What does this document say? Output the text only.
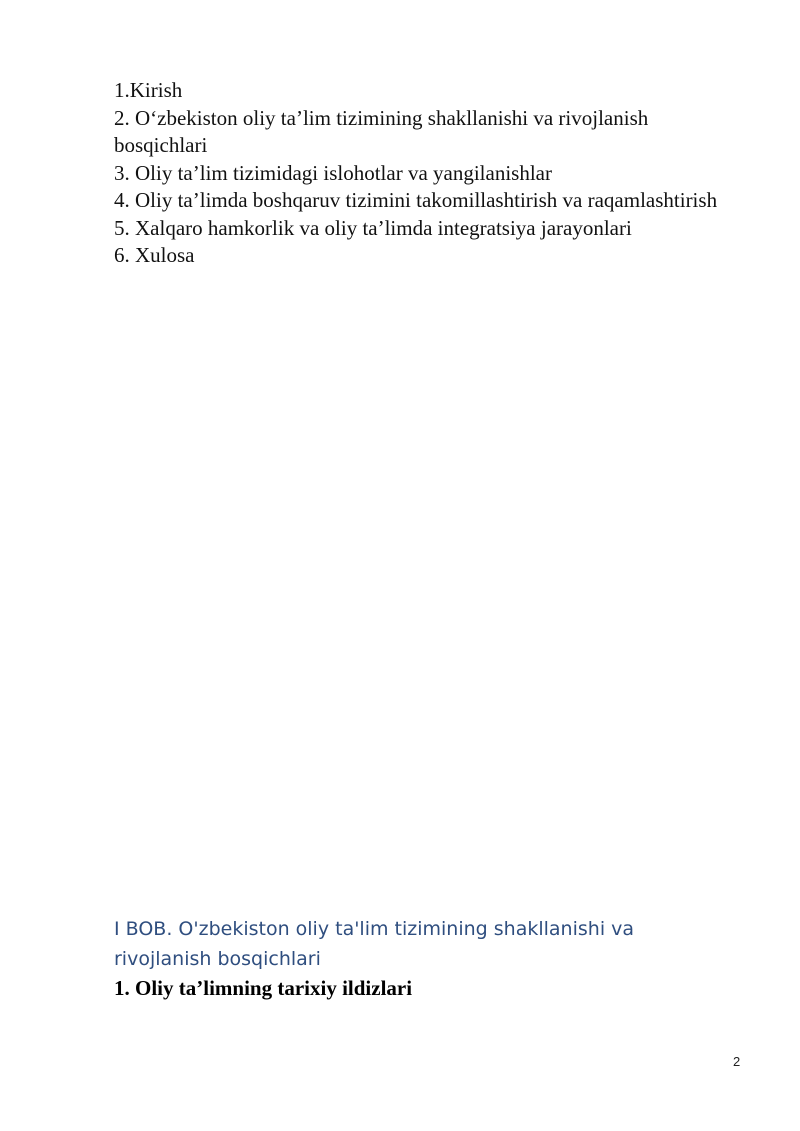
1.Kirish
2. O‘zbekiston oliy ta’lim tizimining shakllanishi va rivojlanish bosqichlari
3. Oliy ta’lim tizimidagi islohotlar va yangilanishlar
4. Oliy ta’limda boshqaruv tizimini takomillashtirish va raqamlashtirish
5. Xalqaro hamkorlik va oliy ta’limda integratsiya jarayonlari
6. Xulosa
I BOB. O'zbekiston oliy ta'lim tizimining shakllanishi va rivojlanish bosqichlari
1. Oliy ta’limning tarixiy ildizlari
2
